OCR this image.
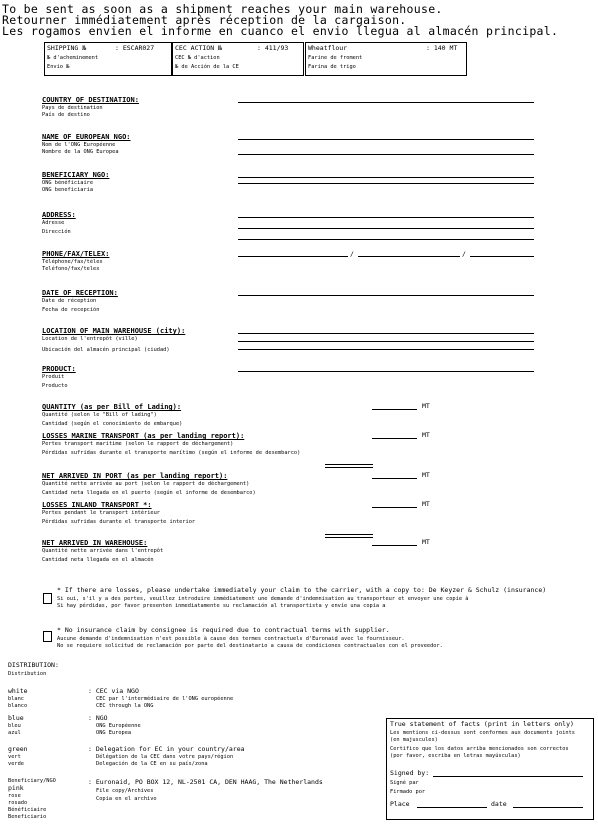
To be sent as soon as a shipment reaches your main warehouse.
Retourner immédiatement après réception de la cargaison.
Les rogamos envien el informe en cuanco el envio llegua al almacén principal.
SHIPPING №	: ESCAR027
№ d'acheminement
Envio №
CEC ACTION №	: 411/93
CEC № d'action
№ de Acción de la CE
Wheatflour	: 140 MT
Farine de froment
Farina de trigo
COUNTRY OF DESTINATION:
Pays de destination
País de destino
NAME OF EUROPEAN NGO:
Nom de l'ONG Européenne
Nombre de la ONG Europea
BENEFICIARY NGO:
ONG bénéficiaire
ONG beneficiaria
ADDRESS:
Adresse
Dirección
PHONE/FAX/TELEX:
Téléphone/fax/télex
Teléfono/fax/telex
/	/
DATE OF RECEPTION:
Date de réception
Fecha de recepción
LOCATION OF MAIN WAREHOUSE (city):
Location de l'entrepôt (ville)
Ubicación del almacén principal (ciudad)
PRODUCT:
Produit
Producto
QUANTITY (as per Bill of Lading):
Quantité (selon le "Bill of lading")
Cantidad (según el conocimiento de embarque)
MT
LOSSES MARINE TRANSPORT (as per landing report):
Pertes transport maritime (selon le rapport de déchargement)
Pérdidas sufridas durante el transporte marítimo (según el informe de desembarco)
MT
NET ARRIVED IN PORT (as per landing report):
Quantité nette arrivée au port (selon le rapport de déchargement)
Cantidad neta llegada en el puerto (según el informe de desembarco)
MT
LOSSES INLAND TRANSPORT *:
Pertes pendant le transport intérieur
Pérdidas sufridas durante el transporte interior
MT
NET ARRIVED IN WAREHOUSE:
Quantité nette arrivée dans l'entrepôt
Cantidad neta llegada en el almacén
MT
* If there are losses, please undertake immediately your claim to the carrier, with a copy to: De Keyzer & Schulz (insurance)
Si oui, s'il y a des pertes, veuillez introduire immédiatement une demande d'indemnisation au transporteur et envoyer une copie à
Si hay pérdidas, por favor presenten inmediatamente su reclamación al transportista y envíe una copia a
* No insurance claim by consignee is required due to contractual terms with supplier.
Aucune demande d'indemnisation n'est possible à cause des termes contractuels d'Euronaid avec le fournisseur.
No se requiere solicitud de reclamación por parte del destinatario a causa de condiciones contractuales con el proveedor.
DISTRIBUTION:
Distribution
white
blanc
blanco
: CEC via NGO
CEC par l'intermédiaire de l'ONG européenne
CEC through la ONG
blue
bleu
azul
: NGO
ONG Européenne
ONG Europea
green
vert
verde
: Delegation for EC in your country/area
Délégation de la CEC dans votre pays/région
Delegación de la CE en su país/zona
Beneficiary/NGO
pink
rose
rosado
Bénéficiaire
Beneficiario
: Euronaid, PO BOX 12, NL-2501 CA, DEN HAAG, The Netherlands
File copy/Archives
Copia en el archivo
True statement of facts (print in letters only)
Les mentions ci-dessus sont conformes aux documents joints
(en majuscules)
Certifico que los datos arriba mencionados son correctos
(por favor, escriba en letras mayúsculas)
Signed by:
Signé par
Firmado por
Place	date
